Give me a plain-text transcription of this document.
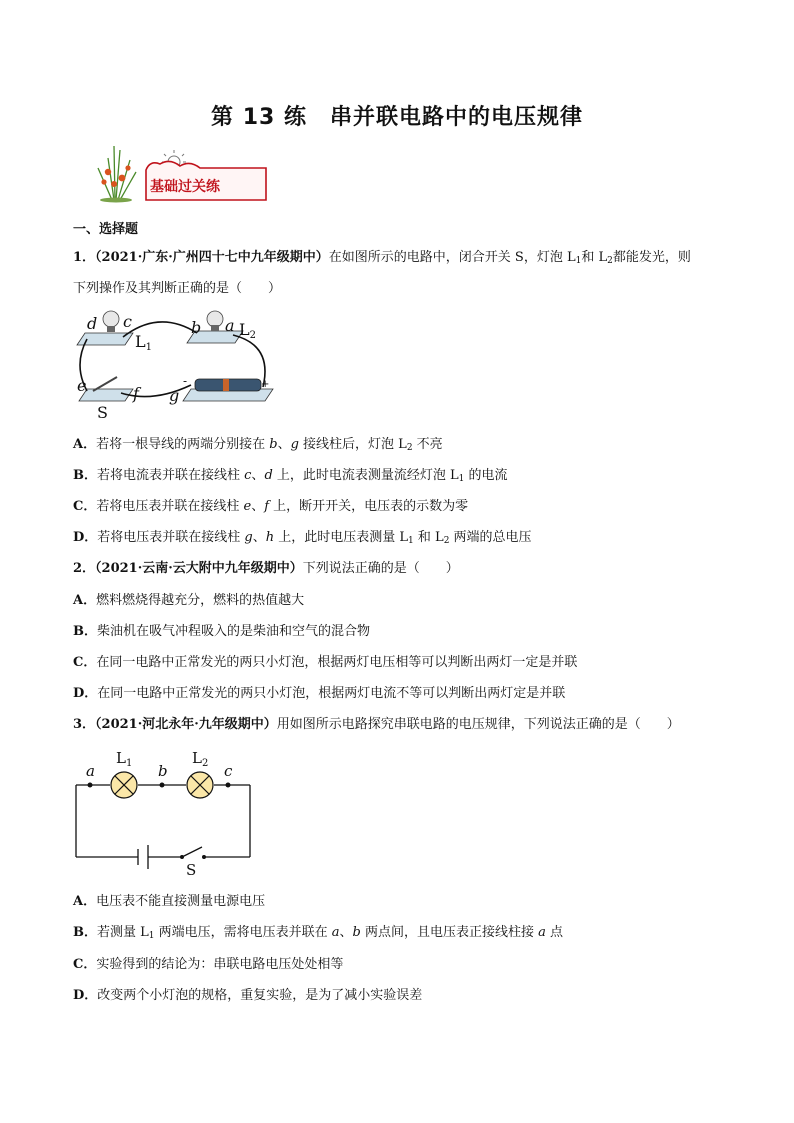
第 13 练　串并联电路中的电压规律
基础过关练
一、选择题
1．（2021·广东·广州四十七中九年级期中）在如图所示的电路中，闭合开关 S，灯泡 $L_1$和 $L_2$都能发光，则
下列操作及其判断正确的是（　　）
d c	b a
e	f g
L1
L2
S
-	+
A．若将一根导线的两端分别接在 b、g 接线柱后，灯泡 $L_2$ 不亮
B．若将电流表并联在接线柱 c、d 上，此时电流表测量流经灯泡 $L_1$ 的电流
C．若将电压表并联在接线柱 e、f 上，断开开关，电压表的示数为零
D．若将电压表并联在接线柱 g、h 上，此时电压表测量 $L_1$ 和 $L_2$ 两端的总电压
2．（2021·云南·云大附中九年级期中）下列说法正确的是（　　）
A．燃料燃烧得越充分，燃料的热值越大
B．柴油机在吸气冲程吸入的是柴油和空气的混合物
C．在同一电路中正常发光的两只小灯泡，根据两灯电压相等可以判断出两灯一定是并联
D．在同一电路中正常发光的两只小灯泡，根据两灯电流不等可以判断出两灯定是并联
3．（2021·河北永年·九年级期中）用如图所示电路探究串联电路的电压规律，下列说法正确的是（　　）
a	b	c
$L_1$	$L_2$
S
A．电压表不能直接测量电源电压
B．若测量 $L_1$ 两端电压，需将电压表并联在 a、b 两点间，且电压表正接线柱接 a 点
C．实验得到的结论为：串联电路电压处处相等
D．改变两个小灯泡的规格，重复实验，是为了减小实验误差
